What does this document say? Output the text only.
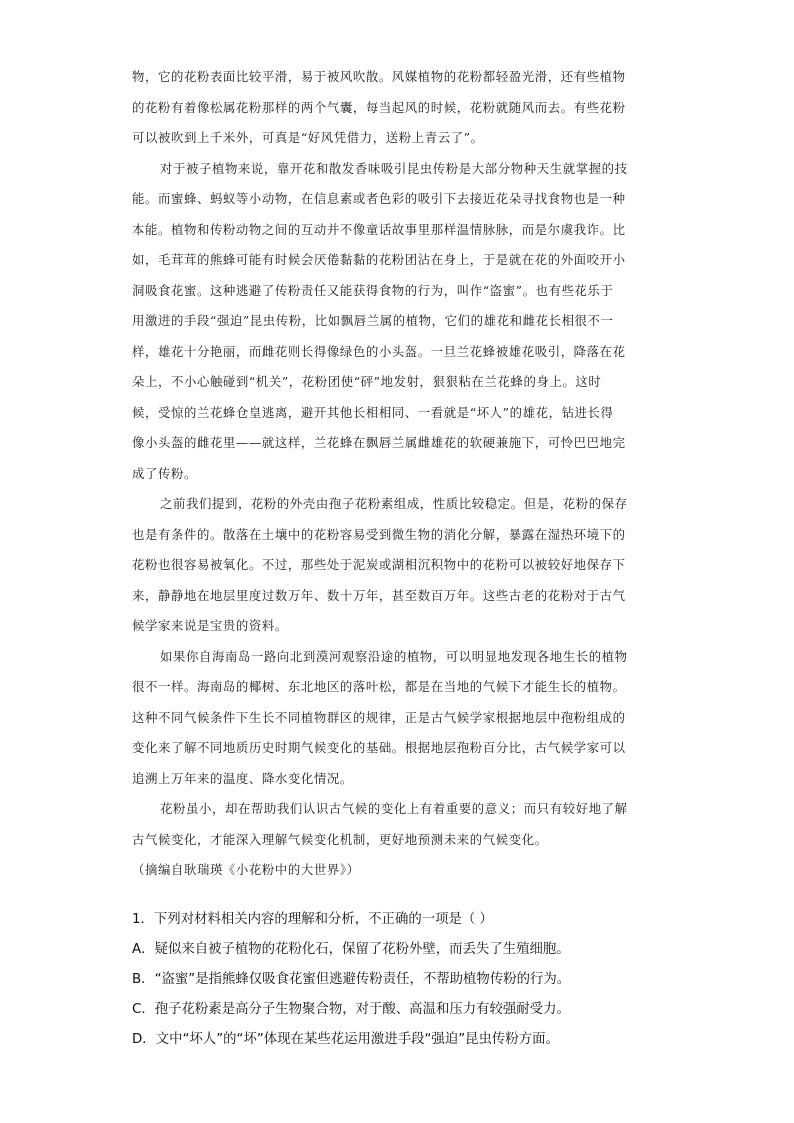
物，它的花粉表面比较平滑，易于被风吹散。风媒植物的花粉都轻盈光滑，还有些植物
的花粉有着像松属花粉那样的两个气囊，每当起风的时候，花粉就随风而去。有些花粉
可以被吹到上千米外，可真是“好风凭借力，送粉上青云了”。

对于被子植物来说，靠开花和散发香味吸引昆虫传粉是大部分物种天生就掌握的技
能。而蜜蜂、蚂蚁等小动物，在信息素或者色彩的吸引下去接近花朵寻找食物也是一种
本能。植物和传粉动物之间的互动并不像童话故事里那样温情脉脉，而是尔虞我诈。比
如，毛茸茸的熊蜂可能有时候会厌倦黏黏的花粉团沾在身上，于是就在花的外面咬开小
洞吸食花蜜。这种逃避了传粉责任又能获得食物的行为，叫作“盗蜜”。也有些花乐于
用激进的手段“强迫”昆虫传粉，比如飘唇兰属的植物，它们的雄花和雌花长相很不一
样，雄花十分艳丽，而雌花则长得像绿色的小头盔。一旦兰花蜂被雄花吸引，降落在花
朵上，不小心触碰到“机关”，花粉团使“砰”地发射，狠狠粘在兰花蜂的身上。这时
候，受惊的兰花蜂仓皇逃离，避开其他长相相同、一看就是“坏人”的雄花，钻进长得
像小头盔的雌花里——就这样，兰花蜂在飘唇兰属雌雄花的软硬兼施下，可怜巴巴地完
成了传粉。

之前我们提到，花粉的外壳由孢子花粉素组成，性质比较稳定。但是，花粉的保存
也是有条件的。散落在土壤中的花粉容易受到微生物的消化分解，暴露在湿热环境下的
花粉也很容易被氧化。不过，那些处于泥炭或湖相沉积物中的花粉可以被较好地保存下
来，静静地在地层里度过数万年、数十万年，甚至数百万年。这些古老的花粉对于古气
候学家来说是宝贵的资料。

如果你自海南岛一路向北到漠河观察沿途的植物，可以明显地发现各地生长的植物
很不一样。海南岛的椰树、东北地区的落叶松，都是在当地的气候下才能生长的植物。
这种不同气候条件下生长不同植物群区的规律，正是古气候学家根据地层中孢粉组成的
变化来了解不同地质历史时期气候变化的基础。根据地层孢粉百分比，古气候学家可以
追溯上万年来的温度、降水变化情况。

花粉虽小，却在帮助我们认识古气候的变化上有着重要的意义；而只有较好地了解
古气候变化，才能深入理解气候变化机制，更好地预测未来的气候变化。

（摘编自耿瑞瑛《小花粉中的大世界》）

1．下列对材料相关内容的理解和分析，不正确的一项是（ ）
A．疑似来自被子植物的花粉化石，保留了花粉外壁，而丢失了生殖细胞。
B．“盗蜜”是指熊蜂仅吸食花蜜但逃避传粉责任，不帮助植物传粉的行为。
C．孢子花粉素是高分子生物聚合物，对于酸、高温和压力有较强耐受力。
D．文中“坏人”的“坏”体现在某些花运用激进手段“强迫”昆虫传粉方面。
